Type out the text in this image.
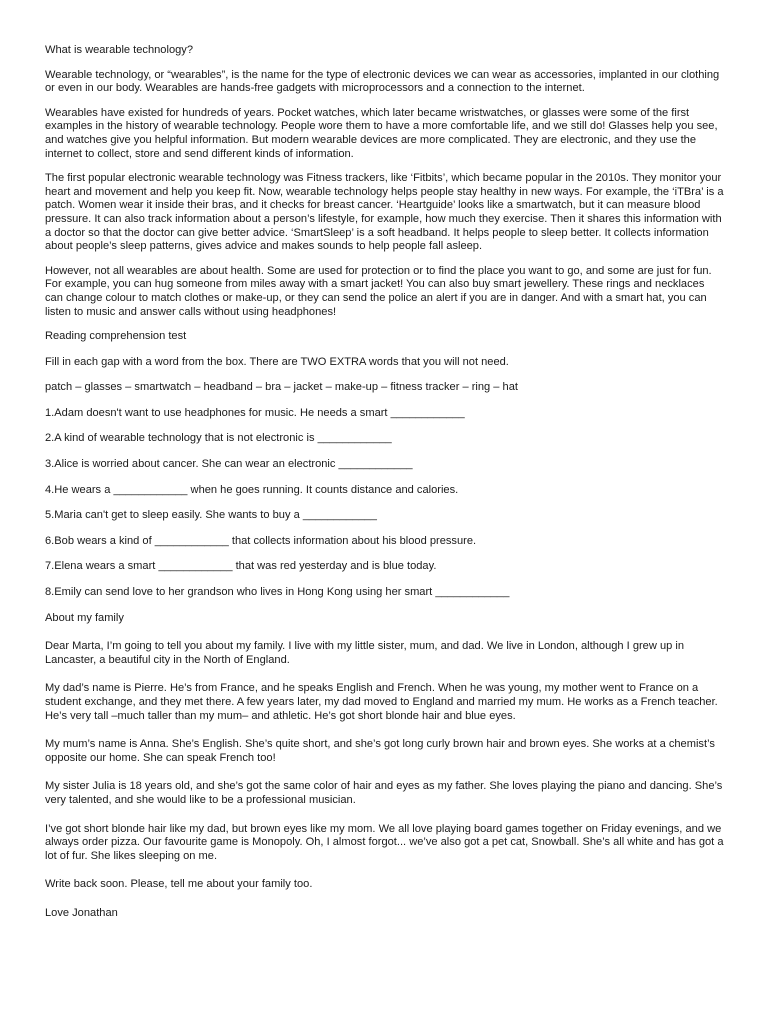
What is wearable technology?

Wearable technology, or “wearables”, is the name for the type of electronic devices we can wear as accessories, implanted in our clothing or even in our body. Wearables are hands-free gadgets with microprocessors and a connection to the internet.

Wearables have existed for hundreds of years. Pocket watches, which later became wristwatches, or glasses were some of the first examples in the history of wearable technology. People wore them to have a more comfortable life, and we still do! Glasses help you see, and watches give you helpful information. But modern wearable devices are more complicated. They are electronic, and they use the internet to collect, store and send different kinds of information.

The first popular electronic wearable technology was Fitness trackers, like ‘Fitbits’, which became popular in the 2010s. They monitor your heart and movement and help you keep fit. Now, wearable technology helps people stay healthy in new ways. For example, the ‘iTBra’ is a patch. Women wear it inside their bras, and it checks for breast cancer. ‘Heartguide’ looks like a smartwatch, but it can measure blood pressure. It can also track information about a person’s lifestyle, for example, how much they exercise. Then it shares this information with a doctor so that the doctor can give better advice. ‘SmartSleep’ is a soft headband. It helps people to sleep better. It collects information about people’s sleep patterns, gives advice and makes sounds to help people fall asleep.

However, not all wearables are about health. Some are used for protection or to find the place you want to go, and some are just for fun. For example, you can hug someone from miles away with a smart jacket! You can also buy smart jewellery. These rings and necklaces can change colour to match clothes or make-up, or they can send the police an alert if you are in danger. And with a smart hat, you can listen to music and answer calls without using headphones!

Reading comprehension test

Fill in each gap with a word from the box. There are TWO EXTRA words that you will not need.

patch – glasses – smartwatch – headband – bra – jacket – make-up – fitness tracker – ring – hat

1.Adam doesn't want to use headphones for music. He needs a smart ____________

2.A kind of wearable technology that is not electronic is ____________

3.Alice is worried about cancer. She can wear an electronic ____________

4.He wears a ____________ when he goes running. It counts distance and calories.

5.Maria can't get to sleep easily. She wants to buy a ____________

6.Bob wears a kind of ____________ that collects information about his blood pressure.

7.Elena wears a smart ____________ that was red yesterday and is blue today.

8.Emily can send love to her grandson who lives in Hong Kong using her smart ____________

About my family

Dear Marta, I’m going to tell you about my family. I live with my little sister, mum, and dad. We live in London, although I grew up in Lancaster, a beautiful city in the North of England.

My dad’s name is Pierre. He’s from France, and he speaks English and French. When he was young, my mother went to France on a student exchange, and they met there. A few years later, my dad moved to England and married my mum. He works as a French teacher. He’s very tall –much taller than my mum– and athletic. He’s got short blonde hair and blue eyes.

My mum’s name is Anna. She’s English. She’s quite short, and she’s got long curly brown hair and brown eyes. She works at a chemist’s opposite our home. She can speak French too!

My sister Julia is 18 years old, and she’s got the same color of hair and eyes as my father. She loves playing the piano and dancing. She’s very talented, and she would like to be a professional musician.

I’ve got short blonde hair like my dad, but brown eyes like my mom. We all love playing board games together on Friday evenings, and we always order pizza. Our favourite game is Monopoly. Oh, I almost forgot... we’ve also got a pet cat, Snowball. She’s all white and has got a lot of fur. She likes sleeping on me.

Write back soon. Please, tell me about your family too.

Love Jonathan
